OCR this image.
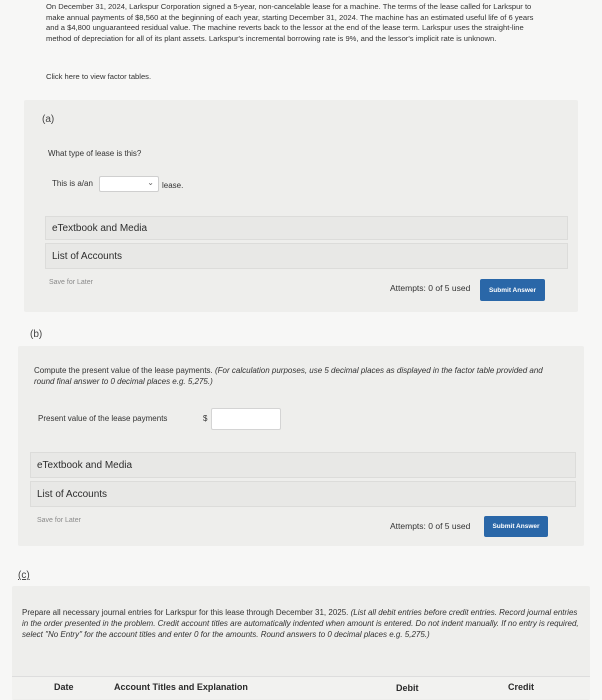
On December 31, 2024, Larkspur Corporation signed a 5-year, non-cancelable lease for a machine. The terms of the lease called for Larkspur to make annual payments of $8,560 at the beginning of each year, starting December 31, 2024. The machine has an estimated useful life of 6 years and a $4,800 unguaranteed residual value. The machine reverts back to the lessor at the end of the lease term. Larkspur uses the straight-line method of depreciation for all of its plant assets. Larkspur's incremental borrowing rate is 9%, and the lessor's implicit rate is unknown.
Click here to view factor tables.
(a)
What type of lease is this?
This is a/an	⌄ lease.
eTextbook and Media
List of Accounts
Save for Later
Attempts: 0 of 5 used	Submit Answer
(b)
Compute the present value of the lease payments. (For calculation purposes, use 5 decimal places as displayed in the factor table provided and round final answer to 0 decimal places e.g. 5,275.)
Present value of the lease payments	$
eTextbook and Media
List of Accounts
Save for Later
Attempts: 0 of 5 used	Submit Answer
(c)
Prepare all necessary journal entries for Larkspur for this lease through December 31, 2025. (List all debit entries before credit entries. Record journal entries in the order presented in the problem. Credit account titles are automatically indented when amount is entered. Do not indent manually. If no entry is required, select "No Entry" for the account titles and enter 0 for the amounts. Round answers to 0 decimal places e.g. 5,275.)
Date	Account Titles and Explanation	Debit	Credit
